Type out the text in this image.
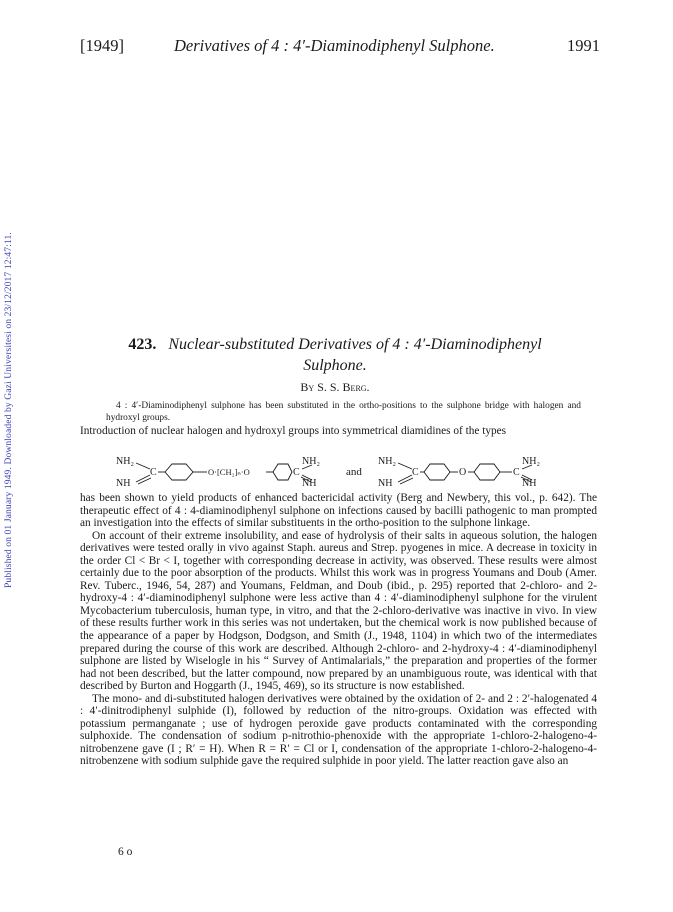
Published on 01 January 1949. Downloaded by Gazi Universitesi on 23/12/2017 12:47:11.
[1949]	Derivatives of 4 : 4′-Diaminodiphenyl Sulphone.	1991
423. Nuclear-substituted Derivatives of 4 : 4′-Diaminodiphenyl
Sulphone.
By S. S. Berg.
4 : 4′-Diaminodiphenyl sulphone has been substituted in the ortho-positions to the sulphone bridge with halogen and hydroxyl groups.
Introduction of nuclear halogen and hydroxyl groups into symmetrical diamidines of the types
NH₂
NH
C	O·[CH₂]ₙ·O	C
NH₂
NH
and
NH₂
NH
C	O	C
NH₂
NH

has been shown to yield products of enhanced bactericidal activity (Berg and Newbery, this vol., p. 642). The therapeutic effect of 4 : 4-diaminodiphenyl sulphone on infections caused by bacilli pathogenic to man prompted an investigation into the effects of similar substituents in the ortho-position to the sulphone linkage.

On account of their extreme insolubility, and ease of hydrolysis of their salts in aqueous solution, the halogen derivatives were tested orally in vivo against Staph. aureus and Strep. pyogenes in mice. A decrease in toxicity in the order Cl < Br < I, together with corresponding decrease in activity, was observed. These results were almost certainly due to the poor absorption of the products. Whilst this work was in progress Youmans and Doub (Amer. Rev. Tuberc., 1946, 54, 287) and Youmans, Feldman, and Doub (ibid., p. 295) reported that 2-chloro- and 2-hydroxy-4 : 4′-diaminodiphenyl sulphone were less active than 4 : 4′-diaminodiphenyl sulphone for the virulent Mycobacterium tuberculosis, human type, in vitro, and that the 2-chloro-derivative was inactive in vivo. In view of these results further work in this series was not undertaken, but the chemical work is now published because of the appearance of a paper by Hodgson, Dodgson, and Smith (J., 1948, 1104) in which two of the intermediates prepared during the course of this work are described. Although 2-chloro- and 2-hydroxy-4 : 4′-diaminodiphenyl sulphone are listed by Wiselogle in his “ Survey of Antimalarials,” the preparation and properties of the former had not been described, but the latter compound, now prepared by an unambiguous route, was identical with that described by Burton and Hoggarth (J., 1945, 469), so its structure is now established.

The mono- and di-substituted halogen derivatives were obtained by the oxidation of 2- and 2 : 2′-halogenated 4 : 4′-dinitrodiphenyl sulphide (I), followed by reduction of the nitro-groups. Oxidation was effected with potassium permanganate ; use of hydrogen peroxide gave products contaminated with the corresponding sulphoxide. The condensation of sodium p-nitrothio-phenoxide with the appropriate 1-chloro-2-halogeno-4-nitrobenzene gave (I ; R′ = H). When R = R′ = Cl or I, condensation of the appropriate 1-chloro-2-halogeno-4-nitrobenzene with sodium sulphide gave the required sulphide in poor yield. The latter reaction gave also an

6 o
